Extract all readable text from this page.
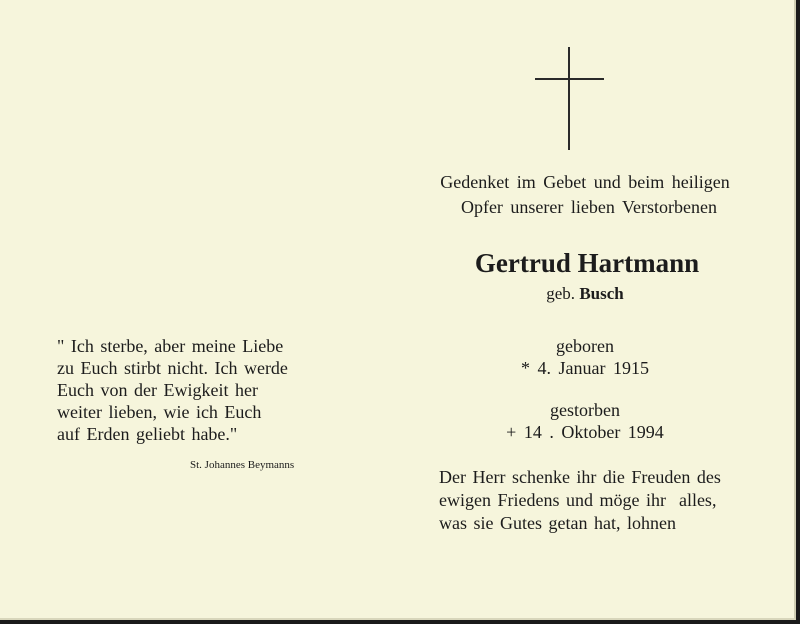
Gedenket im Gebet und beim heiligen
Opfer unserer lieben Verstorbenen
Gertrud Hartmann
geb. Busch
geboren
* 4. Januar 1915
gestorben
+ 14 . Oktober 1994
Der Herr schenke ihr die Freuden des
ewigen Friedens und möge ihr  alles,
was sie Gutes getan hat, lohnen
" Ich sterbe, aber meine Liebe
zu Euch stirbt nicht. Ich werde
Euch von der Ewigkeit her
weiter lieben, wie ich Euch
auf Erden geliebt habe."
St. Johannes Beymanns
